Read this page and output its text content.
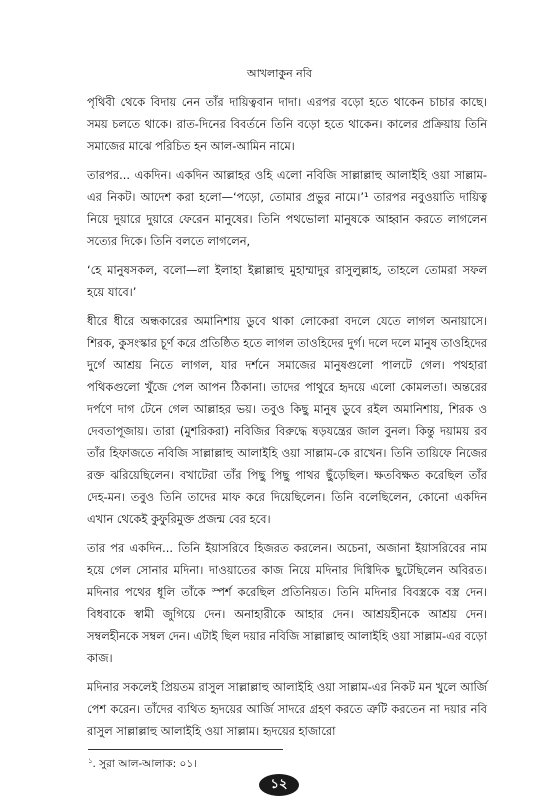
আখলাকুন নবি

পৃথিবী থেকে বিদায় নেন তাঁর দায়িত্ববান দাদা। এরপর বড়ো হতে থাকেন চাচার কাছে। সময় চলতে থাকে। রাত-দিনের বিবর্তনে তিনি বড়ো হতে থাকেন। কালের প্রক্রিয়ায় তিনি সমাজের মাঝে পরিচিত হন আল-আমিন নামে।

তারপর... একদিন। একদিন আল্লাহর ওহি এলো নবিজি সাল্লাল্লাহু আলাইহি ওয়া সাল্লাম-এর নিকট। আদেশ করা হলো—‘পড়ো, তোমার প্রভুর নামে।’¹ তারপর নবুওয়াতি দায়িত্ব নিয়ে দুয়ারে দুয়ারে ফেরেন মানুষের। তিনি পথভোলা মানুষকে আহ্বান করতে লাগলেন সত্যের দিকে। তিনি বলতে লাগলেন,

‘হে মানুষসকল, বলো—লা ইলাহা ইল্লাল্লাহু মুহাম্মাদুর রাসুলুল্লাহ, তাহলে তোমরা সফল হয়ে যাবে।’

ধীরে ধীরে অন্ধকারের অমানিশায় ডুবে থাকা লোকেরা বদলে যেতে লাগল অনায়াসে। শিরক, কুসংস্কার চূর্ণ করে প্রতিষ্ঠিত হতে লাগল তাওহিদের দুর্গ। দলে দলে মানুষ তাওহিদের দুর্গে আশ্রয় নিতে লাগল, যার দর্শনে সমাজের মানুষগুলো পালটে গেল। পথহারা পথিকগুলো খুঁজে পেল আপন ঠিকানা। তাদের পাথুরে হৃদয়ে এলো কোমলতা। অন্তরের দর্পণে দাগ টেনে গেল আল্লাহর ভয়। তবুও কিছু মানুষ ডুবে রইল অমানিশায়, শিরক ও দেবতাপূজায়। তারা (মুশরিকরা) নবিজির বিরুদ্ধে ষড়যন্ত্রের জাল বুনল। কিন্তু দয়াময় রব তাঁর হিফাজতে নবিজি সাল্লাল্লাহু আলাইহি ওয়া সাল্লাম-কে রাখেন। তিনি তায়িফে নিজের রক্ত ঝরিয়েছিলেন। বখাটেরা তাঁর পিছু পিছু পাথর ছুঁড়েছিল। ক্ষতবিক্ষত করেছিল তাঁর দেহ-মন। তবুও তিনি তাদের মাফ করে দিয়েছিলেন। তিনি বলেছিলেন, কোনো একদিন এখান থেকেই কুফুরিমুক্ত প্রজন্ম বের হবে।

তার পর একদিন... তিনি ইয়াসরিবে হিজরত করলেন। অচেনা, অজানা ইয়াসরিবের নাম হয়ে গেল সোনার মদিনা। দাওয়াতের কাজ নিয়ে মদিনার দিগ্বিদিক ছুটেছিলেন অবিরত। মদিনার পথের ধূলি তাঁকে স্পর্শ করেছিল প্রতিনিয়ত। তিনি মদিনার বিবস্ত্রকে বস্ত্র দেন। বিধবাকে স্বামী জুগিয়ে দেন। অনাহারীকে আহার দেন। আশ্রয়হীনকে আশ্রয় দেন। সম্বলহীনকে সম্বল দেন। এটাই ছিল দয়ার নবিজি সাল্লাল্লাহু আলাইহি ওয়া সাল্লাম-এর বড়ো কাজ।

মদিনার সকলেই প্রিয়তম রাসুল সাল্লাল্লাহু আলাইহি ওয়া সাল্লাম-এর নিকট মন খুলে আর্জি পেশ করেন। তাঁদের ব্যথিত হৃদয়ের আর্জি সাদরে গ্রহণ করতে ত্রুটি করতেন না দয়ার নবি রাসুল সাল্লাল্লাহু আলাইহি ওয়া সাল্লাম। হৃদয়ের হাজারো

$^১$. সুরা আল-আলাক: ০১।
১২
